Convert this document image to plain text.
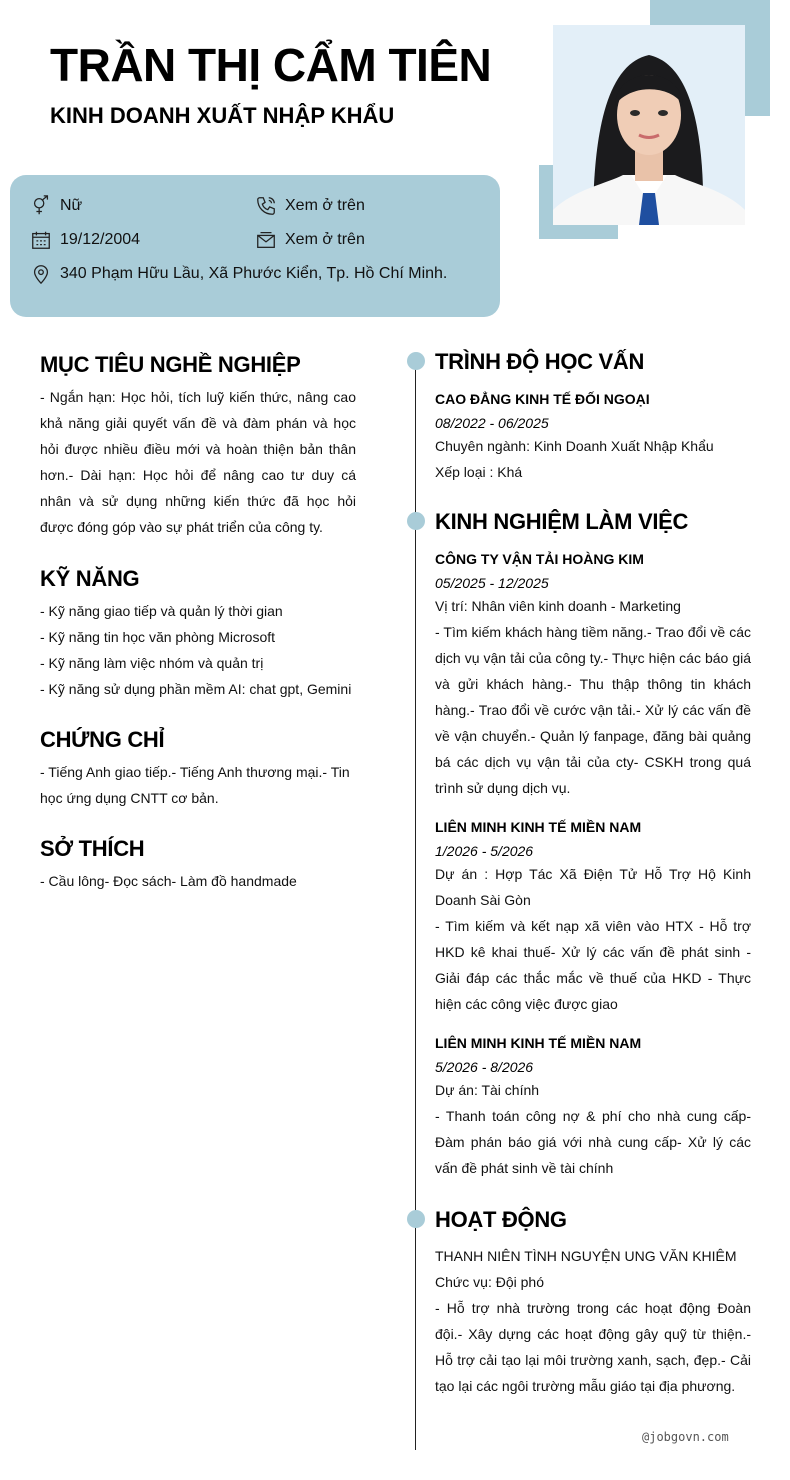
TRẦN THỊ CẨM TIÊN
KINH DOANH XUẤT NHẬP KHẨU
Nữ	Xem ở trên
19/12/2004	Xem ở trên
340 Phạm Hữu Lầu, Xã Phước Kiển, Tp. Hồ Chí Minh.
MỤC TIÊU NGHỀ NGHIỆP
- Ngắn hạn: Học hỏi, tích luỹ kiến thức, nâng cao khả năng giải quyết vấn đề và đàm phán và học hỏi được nhiều điều mới và hoàn thiện bản thân hơn.- Dài hạn: Học hỏi để nâng cao tư duy cá nhân và sử dụng những kiến thức đã học hỏi được đóng góp vào sự phát triển của công ty.
KỸ NĂNG
- Kỹ năng giao tiếp và quản lý thời gian
- Kỹ năng tin học văn phòng Microsoft
- Kỹ năng làm việc nhóm và quản trị
- Kỹ năng sử dụng phần mềm AI: chat gpt, Gemini
CHỨNG CHỈ
- Tiếng Anh giao tiếp.- Tiếng Anh thương mại.- Tin học ứng dụng CNTT cơ bản.
SỞ THÍCH
- Cầu lông- Đọc sách- Làm đồ handmade
TRÌNH ĐỘ HỌC VẤN
CAO ĐẲNG KINH TẾ ĐỐI NGOẠI
08/2022 - 06/2025
Chuyên ngành: Kinh Doanh Xuất Nhập Khẩu
Xếp loại : Khá
KINH NGHIỆM LÀM VIỆC
CÔNG TY VẬN TẢI HOÀNG KIM
05/2025 - 12/2025
Vị trí: Nhân viên kinh doanh - Marketing
- Tìm kiếm khách hàng tiềm năng.- Trao đổi về các dịch vụ vận tải của công ty.- Thực hiện các báo giá và gửi khách hàng.- Thu thập thông tin khách hàng.- Trao đổi về cước vận tải.- Xử lý các vấn đề về vận chuyển.- Quản lý fanpage, đăng bài quảng bá các dịch vụ vận tải của cty- CSKH trong quá trình sử dụng dịch vụ.
LIÊN MINH KINH TẾ MIỀN NAM
1/2026 - 5/2026
Dự án : Hợp Tác Xã Điện Tử Hỗ Trợ Hộ Kinh Doanh Sài Gòn
- Tìm kiếm và kết nạp xã viên vào HTX - Hỗ trợ HKD kê khai thuế- Xử lý các vấn đề phát sinh - Giải đáp các thắc mắc về thuế của HKD - Thực hiện các công việc được giao
LIÊN MINH KINH TẾ MIỀN NAM
5/2026 - 8/2026
Dự án: Tài chính
- Thanh toán công nợ & phí cho nhà cung cấp- Đàm phán báo giá với nhà cung cấp- Xử lý các vấn đề phát sinh về tài chính
HOẠT ĐỘNG
THANH NIÊN TÌNH NGUYỆN UNG VĂN KHIÊM
Chức vụ: Đội phó
- Hỗ trợ nhà trường trong các hoạt động Đoàn đội.- Xây dựng các hoạt động gây quỹ từ thiện.- Hỗ trợ cải tạo lại môi trường xanh, sạch, đẹp.- Cải tạo lại các ngôi trường mẫu giáo tại địa phương.
@jobgovn.com
